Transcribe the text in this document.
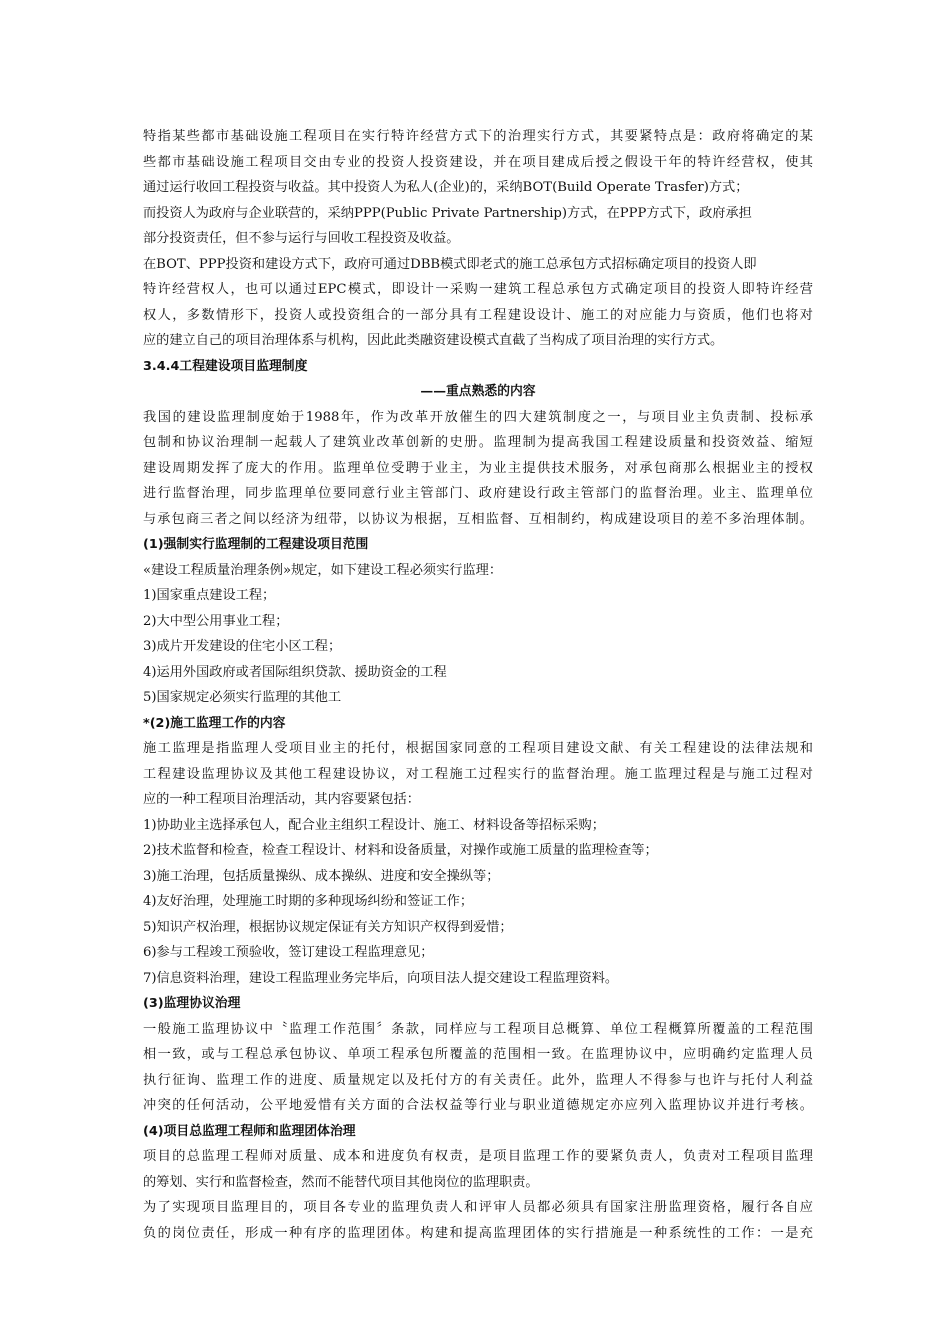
特指某些都市基础设施工程项目在实行特许经营方式下的治理实行方式，其要紧特点是：政府将确定的某
些都市基础设施工程项目交由专业的投资人投资建设，并在项目建成后授之假设干年的特许经营权，使其
通过运行收回工程投资与收益。其中投资人为私人(企业)的，采纳BOT(Build Operate Trasfer)方式；
而投资人为政府与企业联营的，采纳PPP(Public Private Partnership)方式，在PPP方式下，政府承担
部分投资责任，但不参与运行与回收工程投资及收益。
在BOT、PPP投资和建设方式下，政府可通过DBB模式即老式的施工总承包方式招标确定项目的投资人即
特许经营权人，也可以通过EPC模式，即设计一采购一建筑工程总承包方式确定项目的投资人即特许经营
权人，多数情形下，投资人或投资组合的一部分具有工程建设设计、施工的对应能力与资质，他们也将对
应的建立自己的项目治理体系与机构，因此此类融资建设模式直截了当构成了项目治理的实行方式。
3.4.4工程建设项目监理制度
——重点熟悉的内容
我国的建设监理制度始于1988年，作为改革开放催生的四大建筑制度之一，与项目业主负责制、投标承
包制和协议治理制一起载人了建筑业改革创新的史册。监理制为提高我国工程建设质量和投资效益、缩短
建设周期发挥了庞大的作用。监理单位受聘于业主，为业主提供技术服务，对承包商那么根据业主的授权
进行监督治理，同步监理单位要同意行业主管部门、政府建设行政主管部门的监督治理。业主、监理单位
与承包商三者之间以经济为纽带，以协议为根据，互相监督、互相制约，构成建设项目的差不多治理体制。
(1)强制实行监理制的工程建设项目范围
«建设工程质量治理条例»规定，如下建设工程必须实行监理：
1)国家重点建设工程；
2)大中型公用事业工程；
3)成片开发建设的住宅小区工程；
4)运用外国政府或者国际组织贷款、援助资金的工程
5)国家规定必须实行监理的其他工
*(2)施工监理工作的内容
施工监理是指监理人受项目业主的托付，根据国家同意的工程项目建设文献、有关工程建设的法律法规和
工程建设监理协议及其他工程建设协议，对工程施工过程实行的监督治理。施工监理过程是与施工过程对
应的一种工程项目治理活动，其内容要紧包括：
1)协助业主选择承包人，配合业主组织工程设计、施工、材料设备等招标采购；
2)技术监督和检查，检查工程设计、材料和设备质量，对操作或施工质量的监理检查等；
3)施工治理，包括质量操纵、成本操纵、进度和安全操纵等；
4)友好治理，处理施工时期的多种现场纠纷和签证工作；
5)知识产权治理，根据协议规定保证有关方知识产权得到爱惜；
6)参与工程竣工预验收，签订建设工程监理意见；
7)信息资料治理，建设工程监理业务完毕后，向项目法人提交建设工程监理资料。
(3)监理协议治理
一般施工监理协议中〝监理工作范围〞条款，同样应与工程项目总概算、单位工程概算所覆盖的工程范围
相一致，或与工程总承包协议、单项工程承包所覆盖的范围相一致。在监理协议中，应明确约定监理人员
执行征询、监理工作的进度、质量规定以及托付方的有关责任。此外，监理人不得参与也许与托付人利益
冲突的任何活动，公平地爱惜有关方面的合法权益等行业与职业道德规定亦应列入监理协议并进行考核。
(4)项目总监理工程师和监理团体治理
项目的总监理工程师对质量、成本和进度负有权责，是项目监理工作的要紧负责人，负责对工程项目监理
的筹划、实行和监督检查，然而不能替代项目其他岗位的监理职责。
为了实现项目监理目的，项目各专业的监理负责人和评审人员都必须具有国家注册监理资格，履行各自应
负的岗位责任，形成一种有序的监理团体。构建和提高监理团体的实行措施是一种系统性的工作：一是充
